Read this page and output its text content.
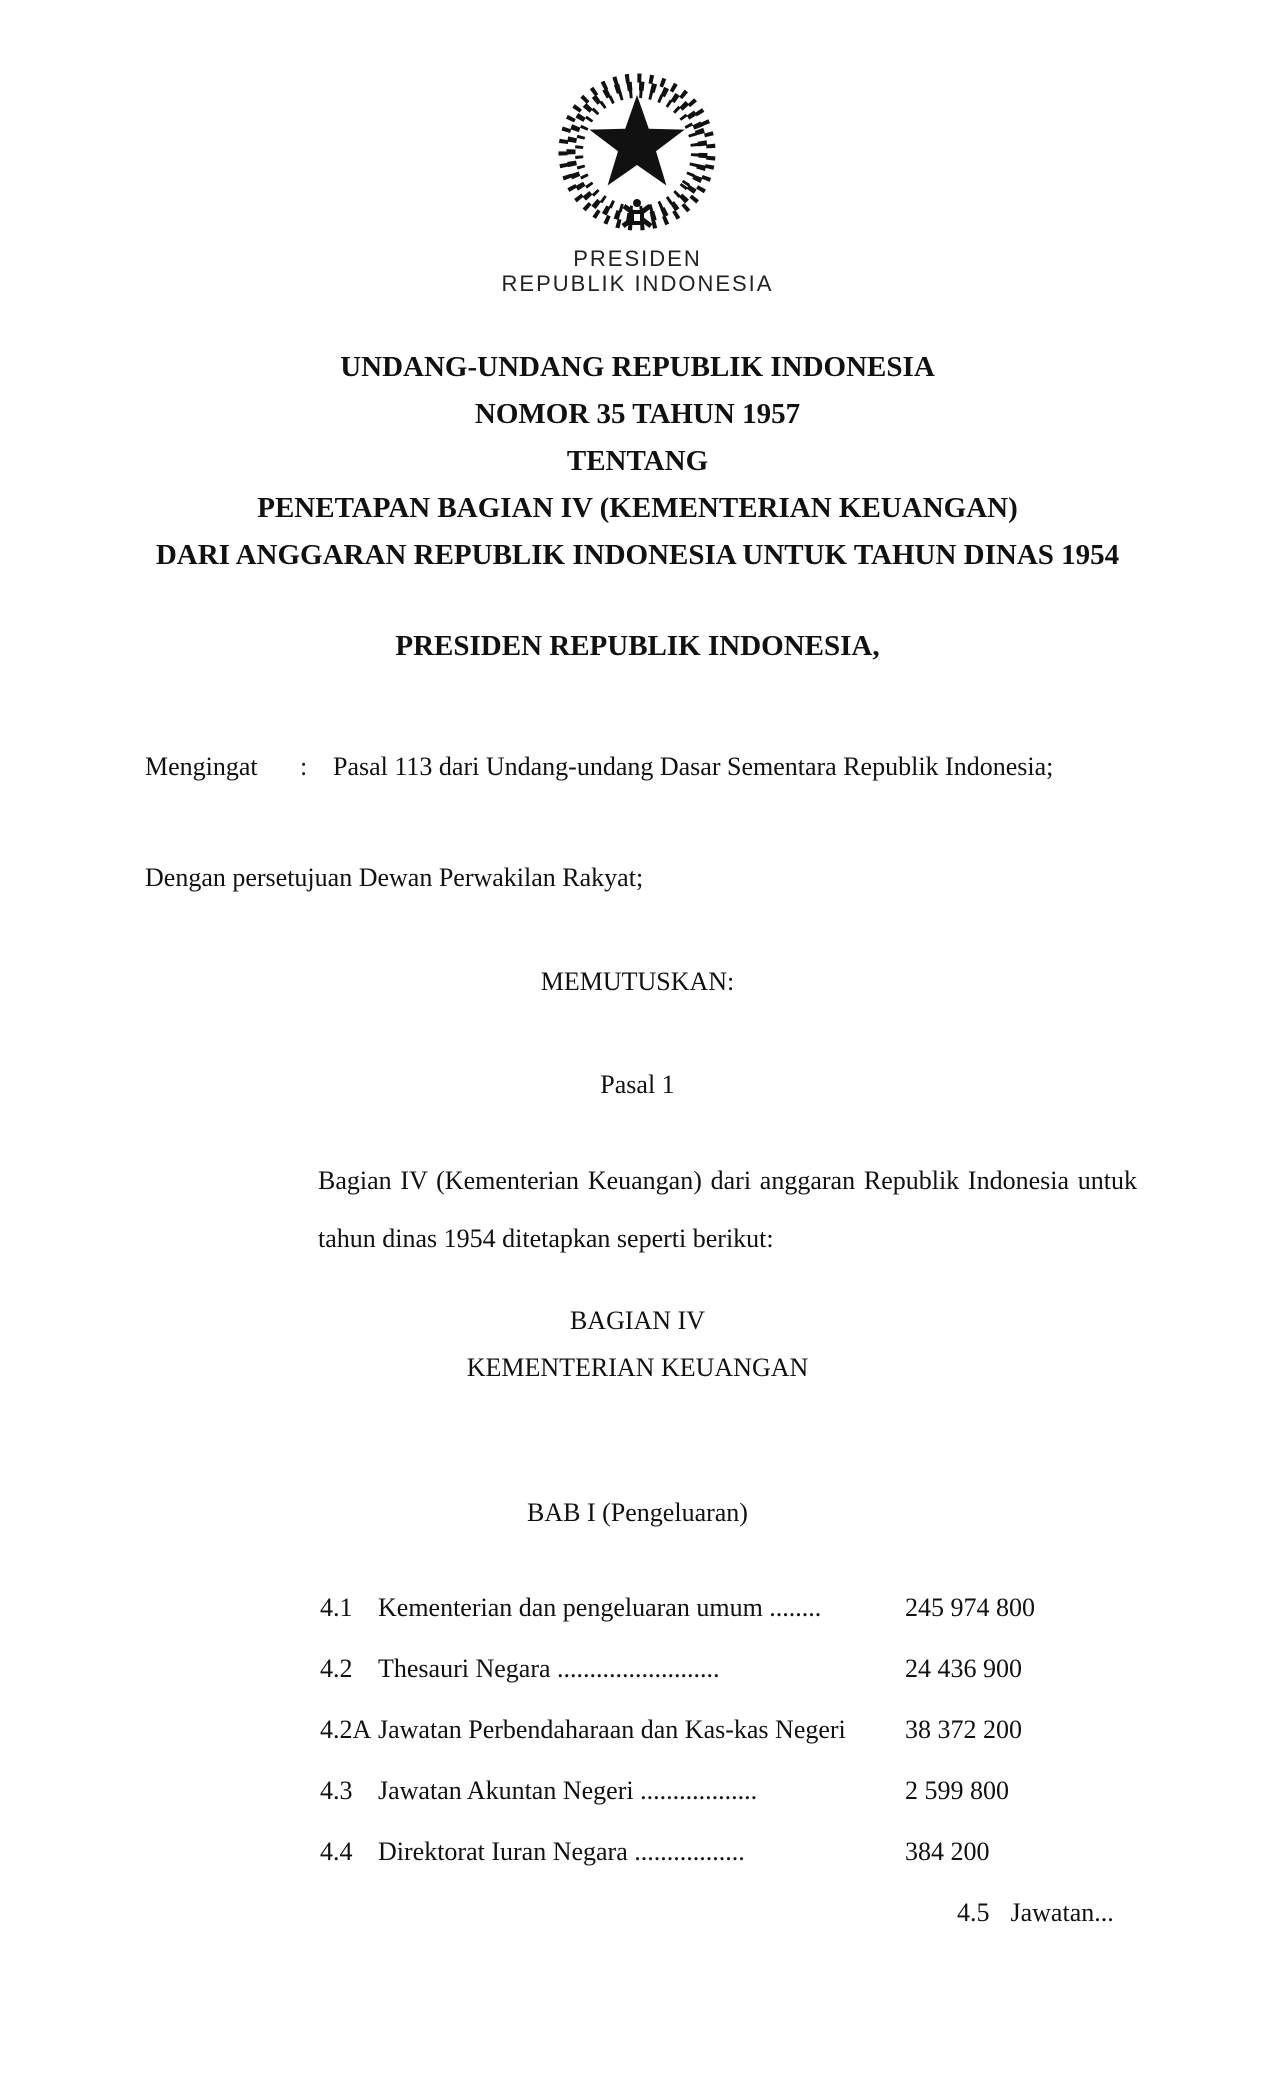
PRESIDEN
REPUBLIK INDONESIA
UNDANG-UNDANG REPUBLIK INDONESIA
NOMOR 35 TAHUN 1957
TENTANG
PENETAPAN BAGIAN IV (KEMENTERIAN KEUANGAN)
DARI ANGGARAN REPUBLIK INDONESIA UNTUK TAHUN DINAS 1954
PRESIDEN REPUBLIK INDONESIA,
Mengingat	: Pasal 113 dari Undang-undang Dasar Sementara Republik Indonesia;
Dengan persetujuan Dewan Perwakilan Rakyat;
MEMUTUSKAN:
Pasal 1
Bagian IV (Kementerian Keuangan) dari anggaran Republik Indonesia untuk tahun dinas 1954 ditetapkan seperti berikut:
BAGIAN IV
KEMENTERIAN KEUANGAN
BAB I (Pengeluaran)
4.1 Kementerian dan pengeluaran umum ........	245 974 800
4.2 Thesauri Negara .........................	24 436 900
4.2A Jawatan Perbendaharaan dan Kas-kas Negeri	38 372 200
4.3 Jawatan Akuntan Negeri ..................	2 599 800
4.4 Direktorat Iuran Negara .................	384 200
4.5 Jawatan...
